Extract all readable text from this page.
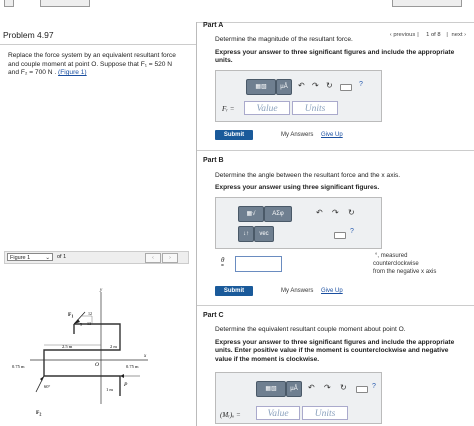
Problem 4.97
Replace the force system by an equivalent resultant force and couple moment at point O. Suppose that F₁ = 520 N and F₂ = 700 N . (Figure 1)
Figure 1	⌄ of 1	‹	›
y
x
O
$F_1$	12
13
5
$F_2$
60°	P
2.5 m	2 m
0.75 m	0.75 m
1 m
‹ previous | 1 of 8 | next ›
Part A
Determine the magnitude of the resultant force.
Express your answer to three significant figures and include the appropriate units.
▦▧	µÅ	↶ ↷ ↻	?
Fᵣ =	Value	Units
Submit	My Answers Give Up
Part B
Determine the angle between the resultant force and the x axis.
Express your answer using three significant figures.
▦√	ΑΣφ	↶ ↷ ↻
↓↑	vec	?
θ
=
°, measured
counterclockwise
from the negative x axis
Submit	My Answers Give Up
Part C
Determine the equivalent resultant couple moment about point O.
Express your answer to three significant figures and include the appropriate units. Enter positive value if the moment is counterclockwise and negative value if the moment is clockwise.
▦▧	µÅ	↶ ↷ ↻	?
(Mᵣ)ₒ =	Value	Units
